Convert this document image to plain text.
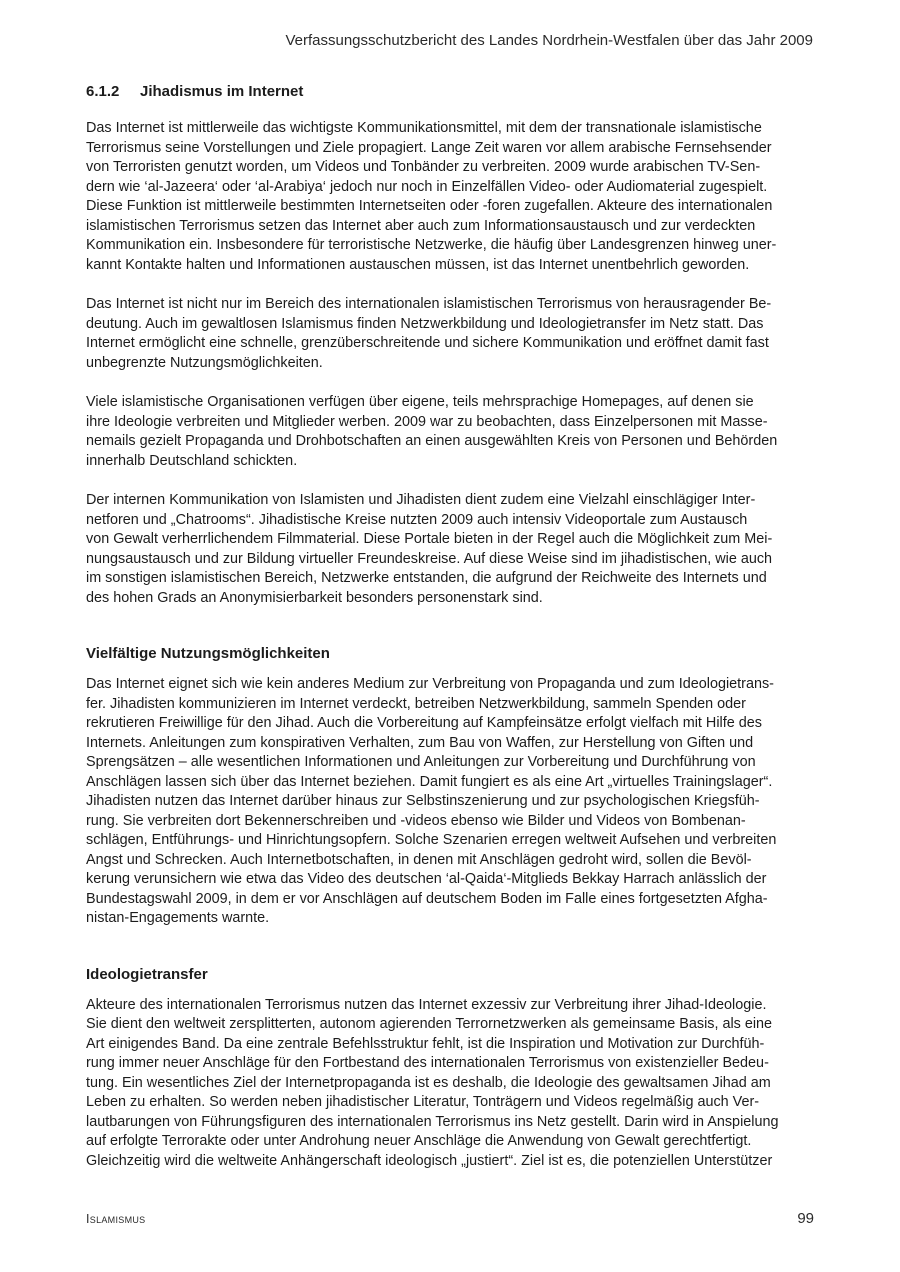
Verfassungsschutzbericht des Landes Nordrhein-Westfalen über das Jahr 2009
6.1.2 Jihadismus im Internet

Das Internet ist mittlerweile das wichtigste Kommunikationsmittel, mit dem der transnationale islamistische
Terrorismus seine Vorstellungen und Ziele propagiert. Lange Zeit waren vor allem arabische Fernsehsender
von Terroristen genutzt worden, um Videos und Tonbänder zu verbreiten. 2009 wurde arabischen TV-Sen-
dern wie ‘al-Jazeera‘ oder ‘al-Arabiya‘ jedoch nur noch in Einzelfällen Video- oder Audiomaterial zugespielt.
Diese Funktion ist mittlerweile bestimmten Internetseiten oder -foren zugefallen. Akteure des internationalen
islamistischen Terrorismus setzen das Internet aber auch zum Informationsaustausch und zur verdeckten
Kommunikation ein. Insbesondere für terroristische Netzwerke, die häufig über Landesgrenzen hinweg uner-
kannt Kontakte halten und Informationen austauschen müssen, ist das Internet unentbehrlich geworden.

Das Internet ist nicht nur im Bereich des internationalen islamistischen Terrorismus von herausragender Be-
deutung. Auch im gewaltlosen Islamismus finden Netzwerkbildung und Ideologietransfer im Netz statt. Das
Internet ermöglicht eine schnelle, grenzüberschreitende und sichere Kommunikation und eröffnet damit fast
unbegrenzte Nutzungsmöglichkeiten.

Viele islamistische Organisationen verfügen über eigene, teils mehrsprachige Homepages, auf denen sie
ihre Ideologie verbreiten und Mitglieder werben. 2009 war zu beobachten, dass Einzelpersonen mit Masse-
nemails gezielt Propaganda und Drohbotschaften an einen ausgewählten Kreis von Personen und Behörden
innerhalb Deutschland schickten.

Der internen Kommunikation von Islamisten und Jihadisten dient zudem eine Vielzahl einschlägiger Inter-
netforen und „Chatrooms“. Jihadistische Kreise nutzten 2009 auch intensiv Videoportale zum Austausch
von Gewalt verherrlichendem Filmmaterial. Diese Portale bieten in der Regel auch die Möglichkeit zum Mei-
nungsaustausch und zur Bildung virtueller Freundeskreise. Auf diese Weise sind im jihadistischen, wie auch
im sonstigen islamistischen Bereich, Netzwerke entstanden, die aufgrund der Reichweite des Internets und
des hohen Grads an Anonymisierbarkeit besonders personenstark sind.

Vielfältige Nutzungsmöglichkeiten

Das Internet eignet sich wie kein anderes Medium zur Verbreitung von Propaganda und zum Ideologietrans-
fer. Jihadisten kommunizieren im Internet verdeckt, betreiben Netzwerkbildung, sammeln Spenden oder
rekrutieren Freiwillige für den Jihad. Auch die Vorbereitung auf Kampfeinsätze erfolgt vielfach mit Hilfe des
Internets. Anleitungen zum konspirativen Verhalten, zum Bau von Waffen, zur Herstellung von Giften und
Sprengsätzen – alle wesentlichen Informationen und Anleitungen zur Vorbereitung und Durchführung von
Anschlägen lassen sich über das Internet beziehen. Damit fungiert es als eine Art „virtuelles Trainingslager“.
Jihadisten nutzen das Internet darüber hinaus zur Selbstinszenierung und zur psychologischen Kriegsfüh-
rung. Sie verbreiten dort Bekennerschreiben und -videos ebenso wie Bilder und Videos von Bombenan-
schlägen, Entführungs- und Hinrichtungsopfern. Solche Szenarien erregen weltweit Aufsehen und verbreiten
Angst und Schrecken. Auch Internetbotschaften, in denen mit Anschlägen gedroht wird, sollen die Bevöl-
kerung verunsichern wie etwa das Video des deutschen ‘al-Qaida‘-Mitglieds Bekkay Harrach anlässlich der
Bundestagswahl 2009, in dem er vor Anschlägen auf deutschem Boden im Falle eines fortgesetzten Afgha-
nistan-Engagements warnte.

Ideologietransfer

Akteure des internationalen Terrorismus nutzen das Internet exzessiv zur Verbreitung ihrer Jihad-Ideologie.
Sie dient den weltweit zersplitterten, autonom agierenden Terrornetzwerken als gemeinsame Basis, als eine
Art einigendes Band. Da eine zentrale Befehlsstruktur fehlt, ist die Inspiration und Motivation zur Durchfüh-
rung immer neuer Anschläge für den Fortbestand des internationalen Terrorismus von existenzieller Bedeu-
tung. Ein wesentliches Ziel der Internetpropaganda ist es deshalb, die Ideologie des gewaltsamen Jihad am
Leben zu erhalten. So werden neben jihadistischer Literatur, Tonträgern und Videos regelmäßig auch Ver-
lautbarungen von Führungsfiguren des internationalen Terrorismus ins Netz gestellt. Darin wird in Anspielung
auf erfolgte Terrorakte oder unter Androhung neuer Anschläge die Anwendung von Gewalt gerechtfertigt.
Gleichzeitig wird die weltweite Anhängerschaft ideologisch „justiert“. Ziel ist es, die potenziellen Unterstützer

Islamismus	99
